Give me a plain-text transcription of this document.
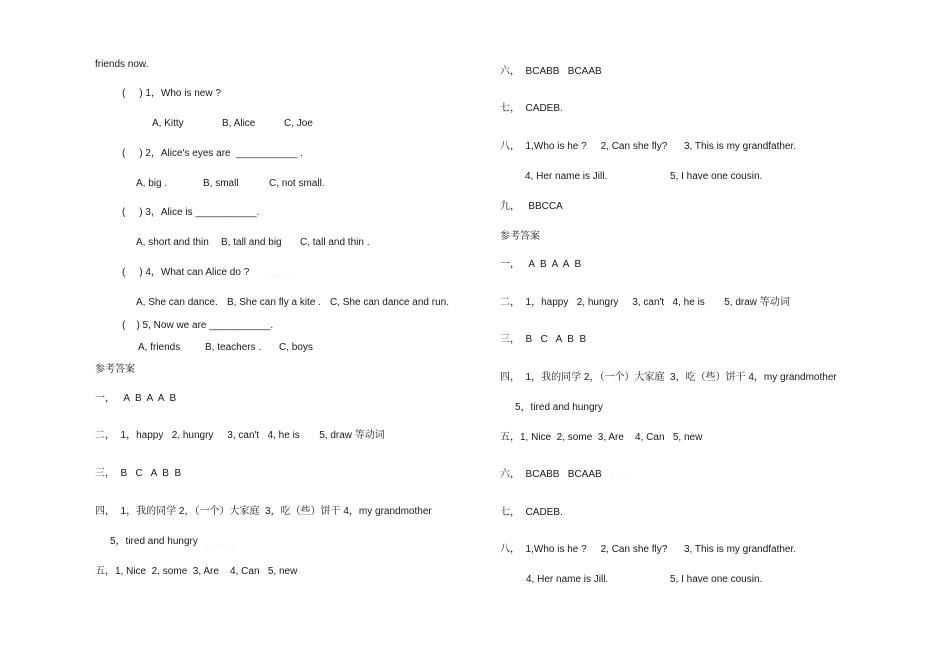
friends now.
(     ) 1，Who is new ?
A, Kitty	B, Alice	C, Joe
(     ) 2，Alice's eyes are  ___________ .
A, big .	B, small	C, not small.
(     ) 3，Alice is ___________.
A, short and thin B, tall and big C, tall and thin .
(     ) 4，What can Alice do ?	. . . . .
A, She can dance. B, She can fly a kite . C, She can dance and run.
(    ) 5, Now we are ___________.
A, friends B, teachers . C, boys
参考答案
一，   A  B  A  A  B
二，  1，happy   2, hungry     3, can't   4, he is       5, draw 等动词
三，  B   C   A  B  B
四，  1，我的同学 2，（一个）大家庭  3，吃（些）饼干 4，my grandmother
5，tired and hungry . . . . . .
五，1, Nice  2, some  3, Are    4, Can   5, new
六，  BCABB   BCAAB
七，  CADEB.
八，  1,Who is he ?     2, Can she fly?      3, This is my grandfather.
4, Her name is Jill.	5, I have one cousin.
九，   BBCCA
参考答案
一，   A  B  A  A  B
二，  1，happy   2, hungry     3, can't   4, he is       5, draw 等动词
三，  B   C   A  B  B
四，  1，我的同学 2，（一个）大家庭  3，吃（些）饼干 4，my grandmother
5，tired and hungry
五，1, Nice  2, some  3, Are    4, Can   5, new
六，  BCABB   BCAAB · · · · ·
七，  CADEB.
八，  1,Who is he ?     2, Can she fly?      3, This is my grandfather.
4, Her name is Jill.	5, I have one cousin.
